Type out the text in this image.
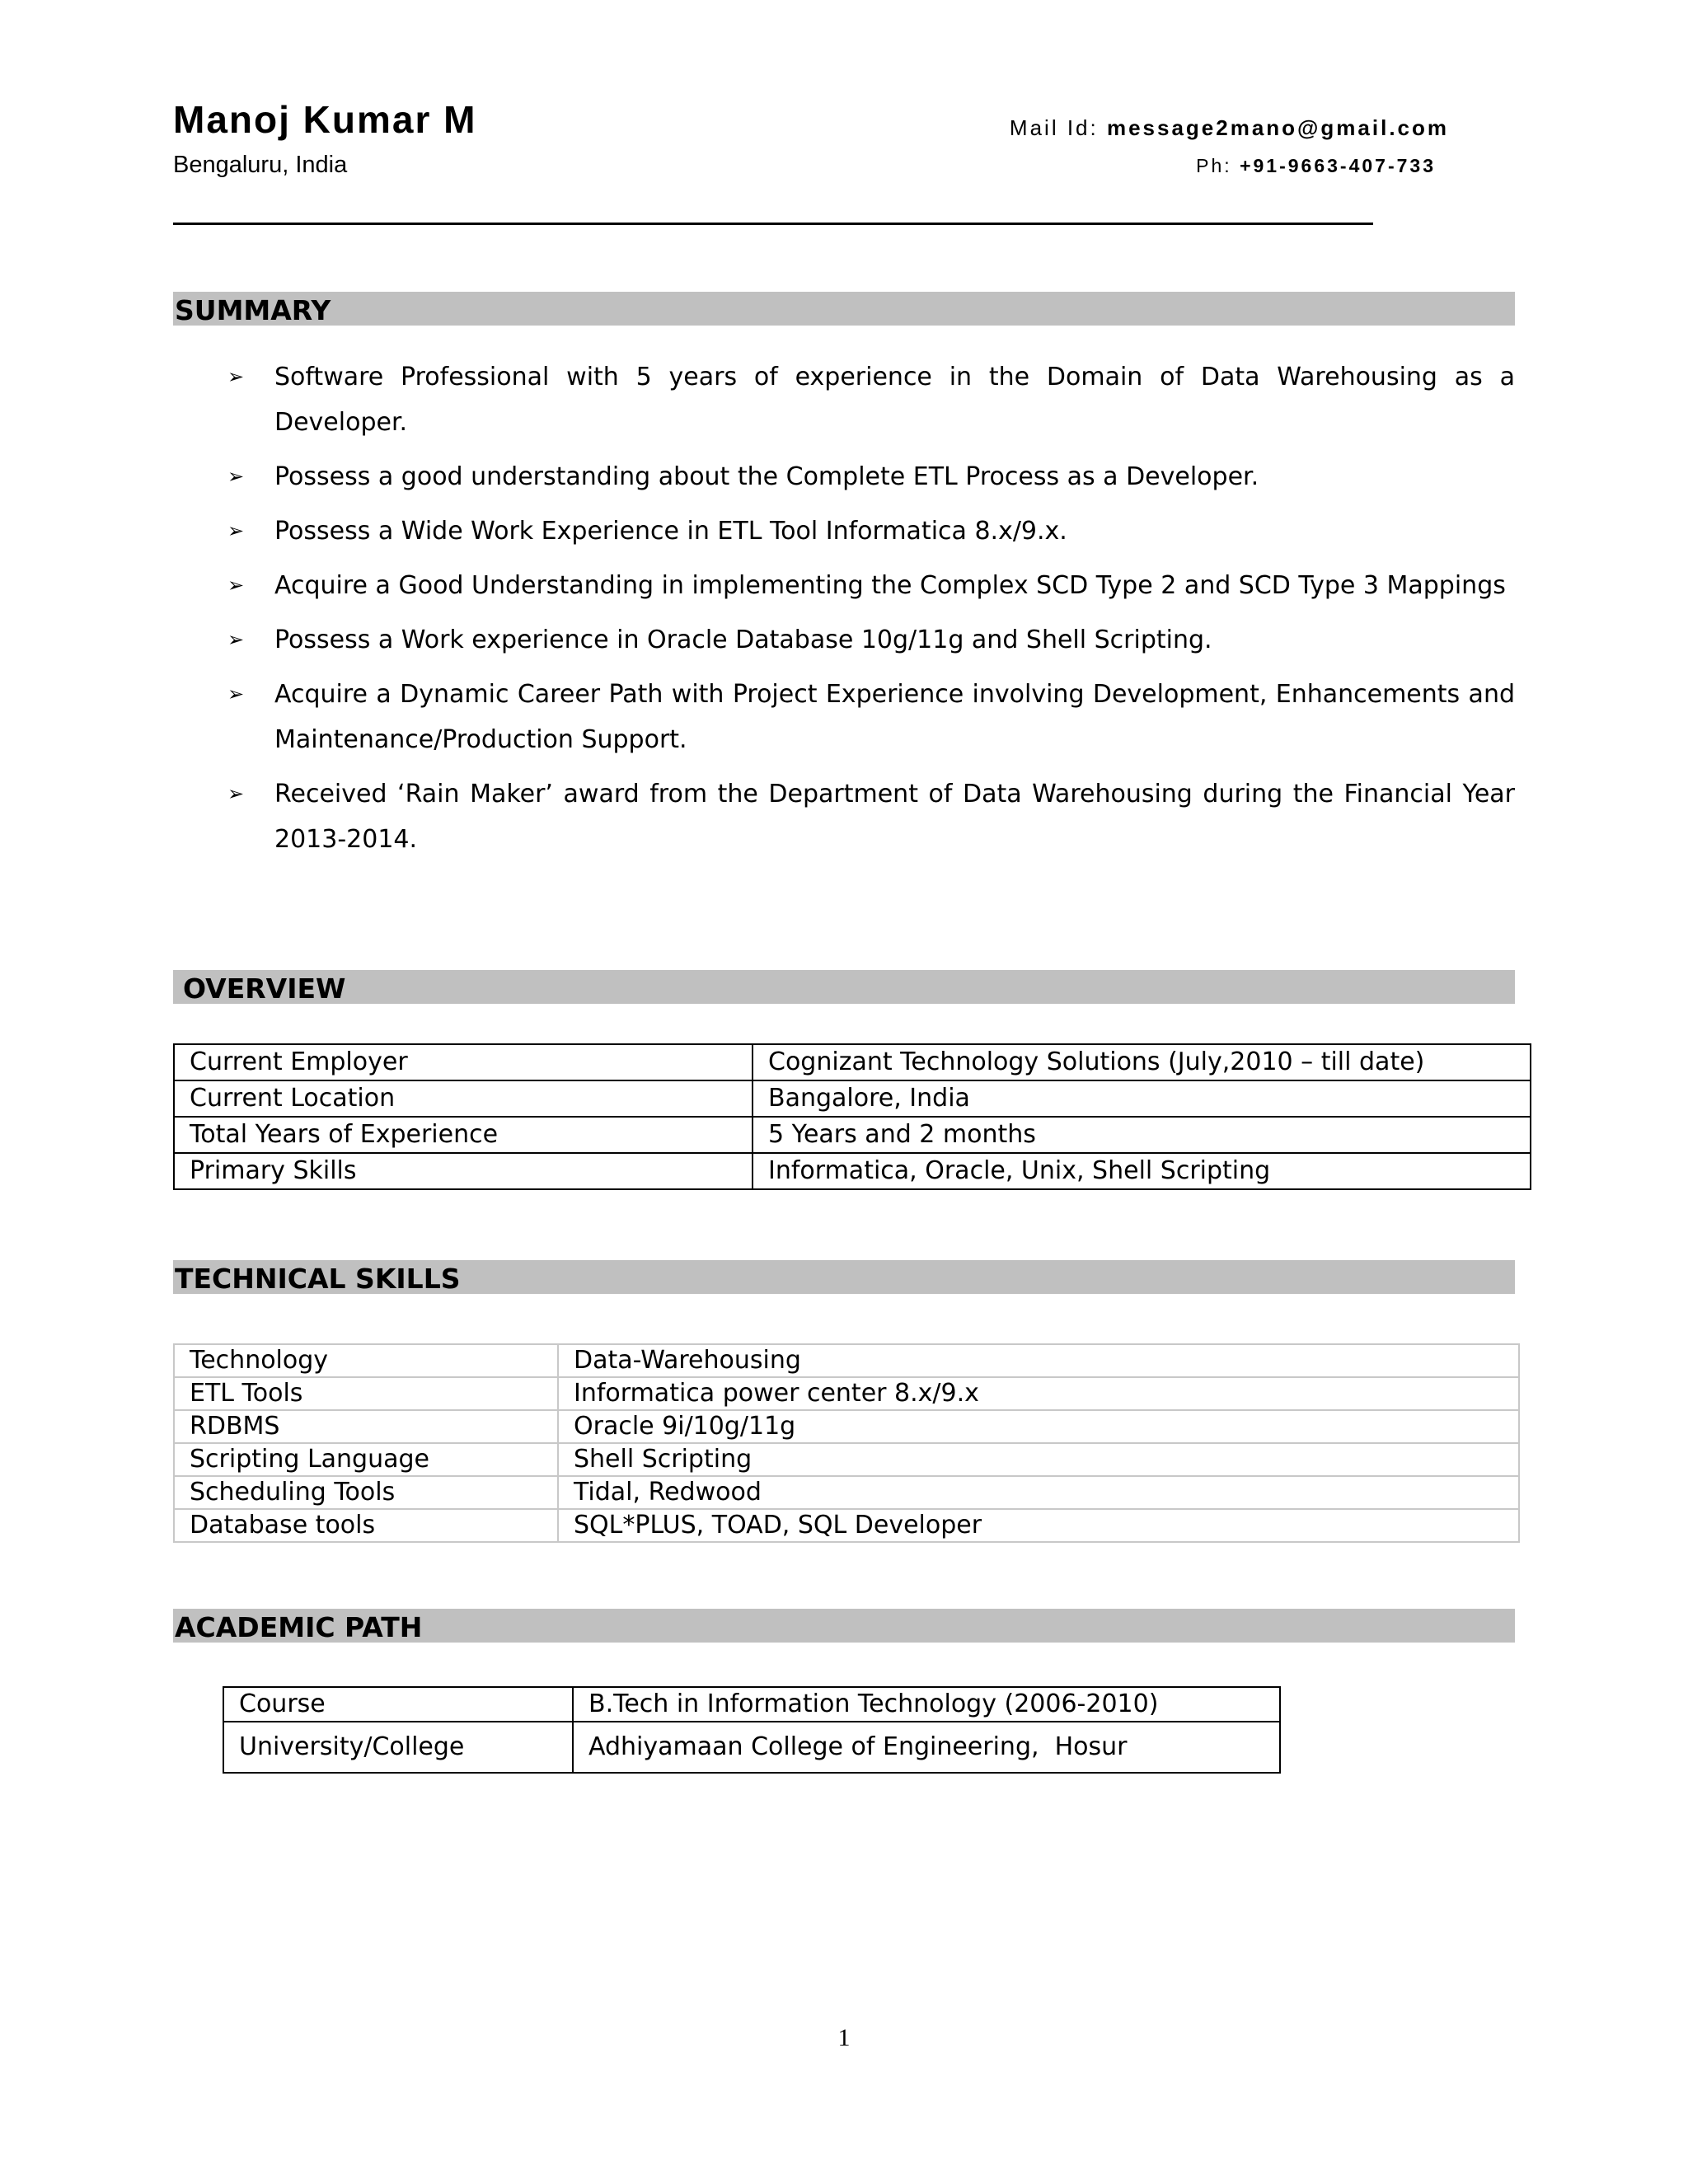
Manoj Kumar M
Bengaluru, India
Mail Id: message2mano@gmail.com
Ph: +91-9663-407-733
SUMMARY
➢ Software Professional with 5 years of experience in the Domain of Data Warehousing as a Developer.
➢ Possess a good understanding about the Complete ETL Process as a Developer.
➢ Possess a Wide Work Experience in ETL Tool Informatica 8.x/9.x.
➢ Acquire a Good Understanding in implementing the Complex SCD Type 2 and SCD Type 3 Mappings
➢ Possess a Work experience in Oracle Database 10g/11g and Shell Scripting.
➢ Acquire a Dynamic Career Path with Project Experience involving Development, Enhancements and Maintenance/Production Support.
➢ Received ‘Rain Maker’ award from the Department of Data Warehousing during the Financial Year 2013-2014.
OVERVIEW
Current Employer	Cognizant Technology Solutions (July,2010 – till date)
Current Location	Bangalore, India
Total Years of Experience	5 Years and 2 months
Primary Skills	Informatica, Oracle, Unix, Shell Scripting
TECHNICAL SKILLS
Technology	Data-Warehousing
ETL Tools	Informatica power center 8.x/9.x
RDBMS	Oracle 9i/10g/11g
Scripting Language	Shell Scripting
Scheduling Tools	Tidal, Redwood
Database tools	SQL*PLUS, TOAD, SQL Developer
ACADEMIC PATH
Course	B.Tech in Information Technology (2006-2010)
University/College	Adhiyamaan College of Engineering,  Hosur
1
